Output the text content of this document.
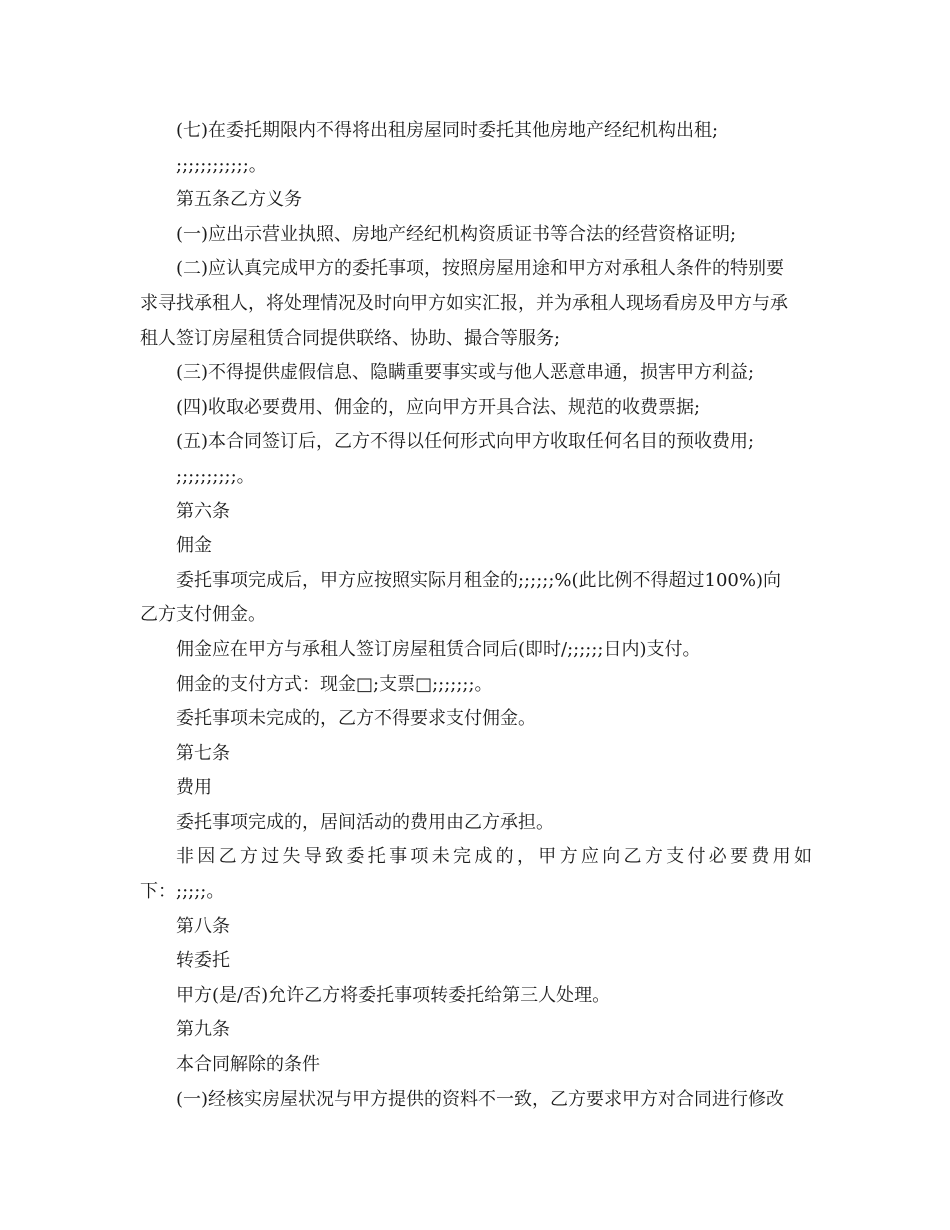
(七)在委托期限内不得将出租房屋同时委托其他房地产经纪机构出租;
;;;;;;;;;;;;。
第五条乙方义务
(一)应出示营业执照、房地产经纪机构资质证书等合法的经营资格证明;
(二)应认真完成甲方的委托事项，按照房屋用途和甲方对承租人条件的特别要
求寻找承租人，将处理情况及时向甲方如实汇报，并为承租人现场看房及甲方与承
租人签订房屋租赁合同提供联络、协助、撮合等服务;
(三)不得提供虚假信息、隐瞒重要事实或与他人恶意串通，损害甲方利益;
(四)收取必要费用、佣金的，应向甲方开具合法、规范的收费票据;
(五)本合同签订后，乙方不得以任何形式向甲方收取任何名目的预收费用;
;;;;;;;;;;。
第六条
佣金
委托事项完成后，甲方应按照实际月租金的;;;;;;%(此比例不得超过100%)向
乙方支付佣金。
佣金应在甲方与承租人签订房屋租赁合同后(即时/;;;;;;日内)支付。
佣金的支付方式：现金□;支票□;;;;;;;。
委托事项未完成的，乙方不得要求支付佣金。
第七条
费用
委托事项完成的，居间活动的费用由乙方承担。
非因乙方过失导致委托事项未完成的，甲方应向乙方支付必要费用如
下：;;;;;。
第八条
转委托
甲方(是/否)允许乙方将委托事项转委托给第三人处理。
第九条
本合同解除的条件
(一)经核实房屋状况与甲方提供的资料不一致，乙方要求甲方对合同进行修改
